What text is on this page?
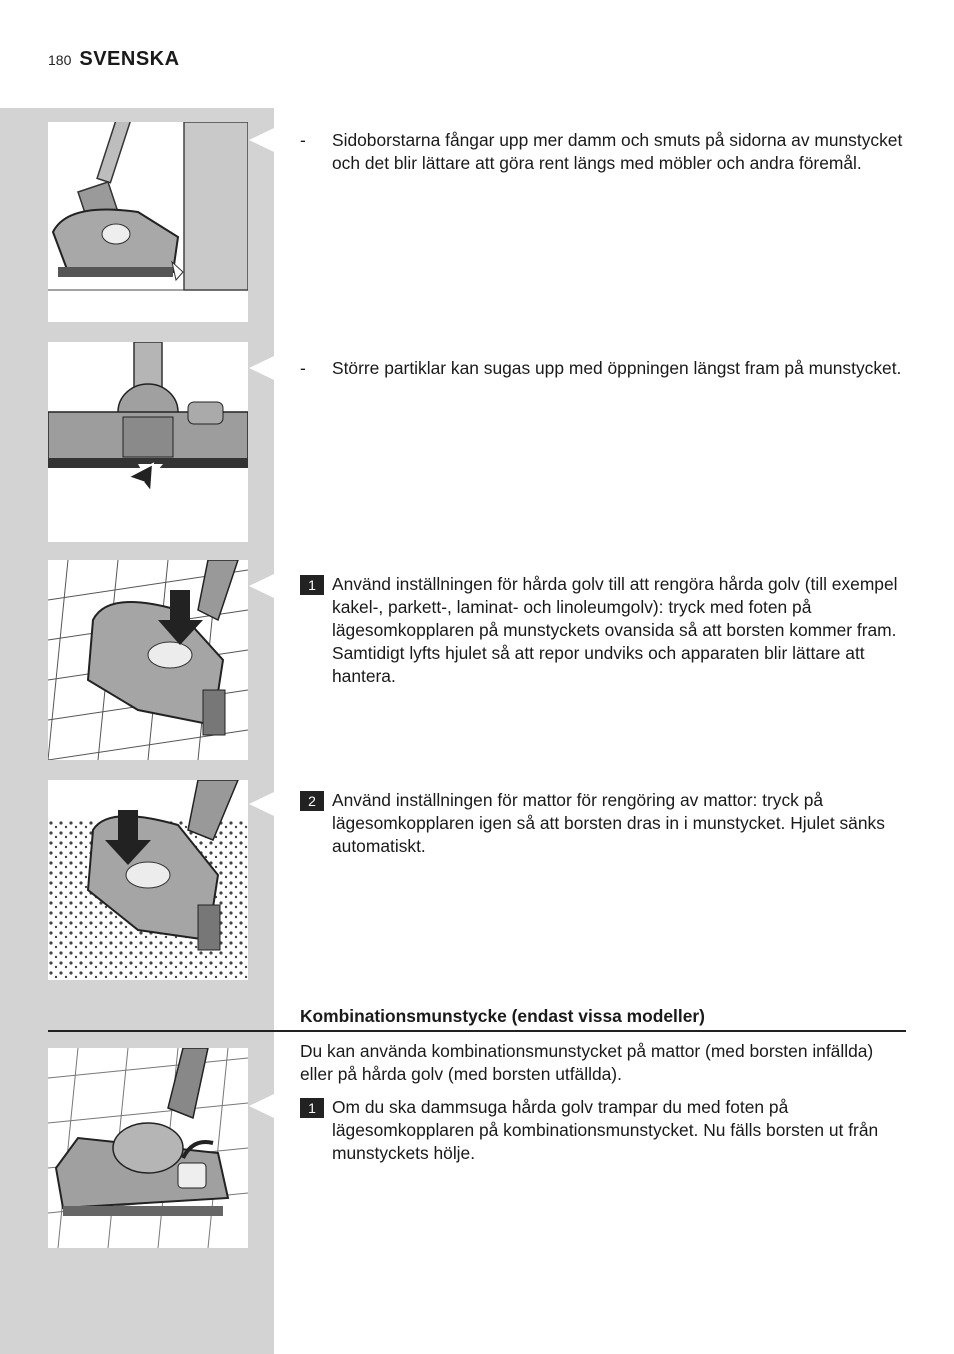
180 SVENSKA
-	Sidoborstarna fångar upp mer damm och smuts på sidorna av munstycket och det blir lättare att göra rent längs med möbler och andra föremål.
-	Större partiklar kan sugas upp med öppningen längst fram på munstycket.
1 Använd inställningen för hårda golv till att rengöra hårda golv (till exempel kakel-, parkett-, laminat- och linoleumgolv): tryck med foten på lägesomkopplaren på munstyckets ovansida så att borsten kommer fram. Samtidigt lyfts hjulet så att repor undviks och apparaten blir lättare att hantera.
2 Använd inställningen för mattor för rengöring av mattor: tryck på lägesomkopplaren igen så att borsten dras in i munstycket. Hjulet sänks automatiskt.
Kombinationsmunstycke (endast vissa modeller)
Du kan använda kombinationsmunstycket på mattor (med borsten infällda) eller på hårda golv (med borsten utfällda).
1 Om du ska dammsuga hårda golv trampar du med foten på lägesomkopplaren på kombinationsmunstycket. Nu fälls borsten ut från munstyckets hölje.
